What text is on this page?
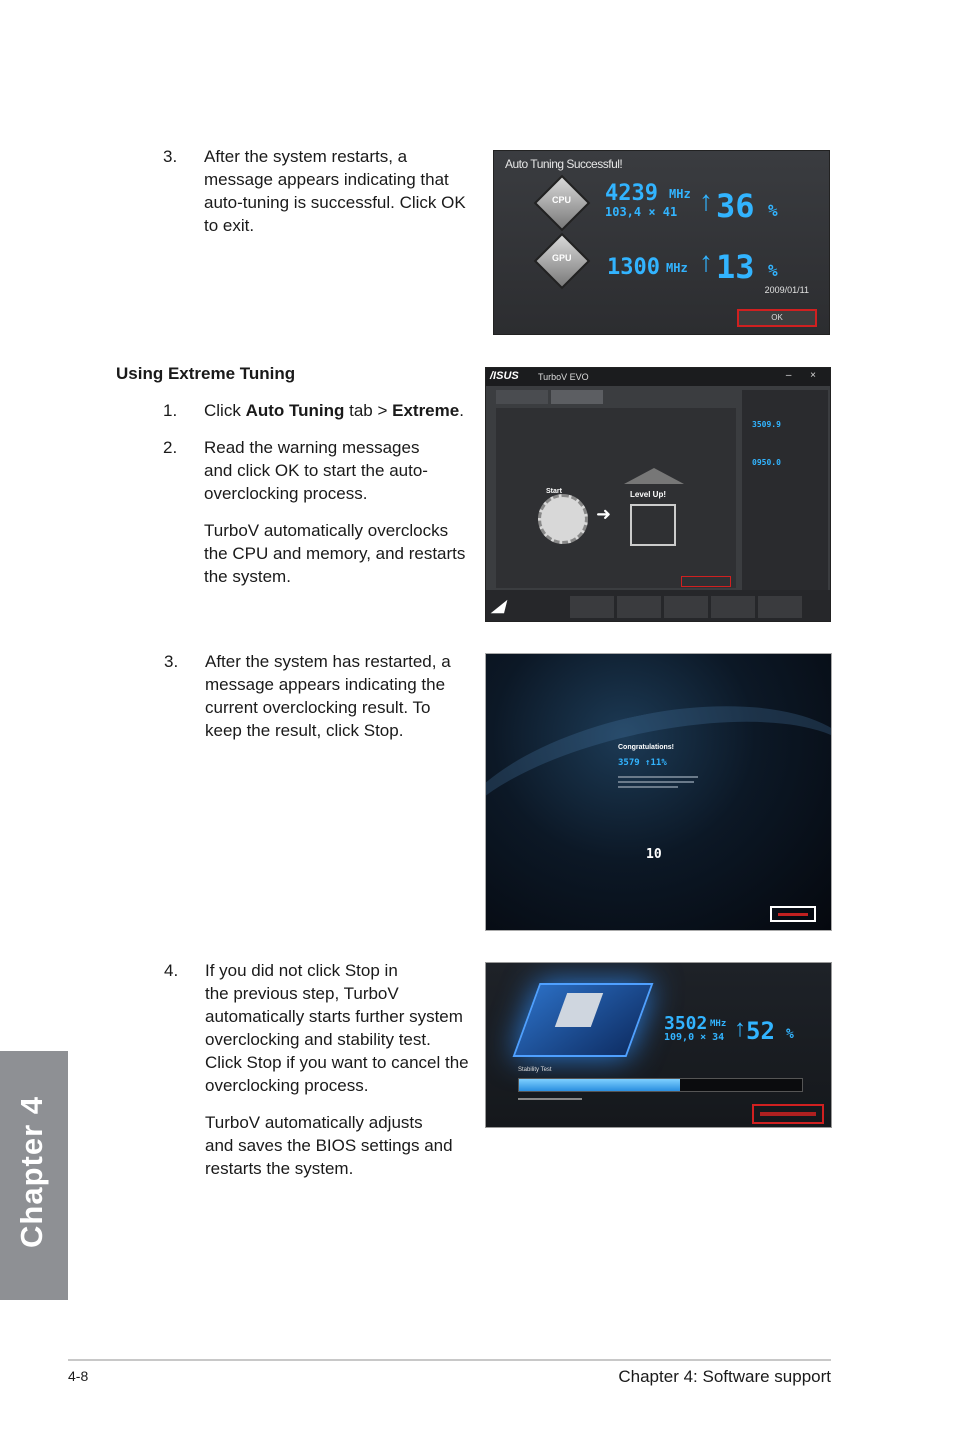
3. After the system restarts, a
message appears indicating that
auto-tuning is successful. Click OK
to exit.
Auto Tuning Successful!
CPU 4239 MHz
103,4 × 41 ↑ 36 %
GPU 1300 MHz ↑ 13 %
2009/01/11
OK
Using Extreme Tuning
1. Click Auto Tuning tab > Extreme.
2. Read the warning messages
and click OK to start the auto-
overclocking process.
TurboV automatically overclocks
the CPU and memory, and restarts
the system.
/ISUS TurboV EVO	– ×
Start
➜
Level Up!
3509.9
0950.0
◢
3. After the system has restarted, a
message appears indicating the
current overclocking result. To
keep the result, click Stop.
Congratulations!
3579 ↑11%
10
4. If you did not click Stop in
the previous step, TurboV
automatically starts further system
overclocking and stability test.
Click Stop if you want to cancel the
overclocking process.
TurboV automatically adjusts
and saves the BIOS settings and
restarts the system.
3502 MHz
109,0 × 34 ↑ 52 %
Stability Test
Chapter 4
4-8	Chapter 4: Software support
